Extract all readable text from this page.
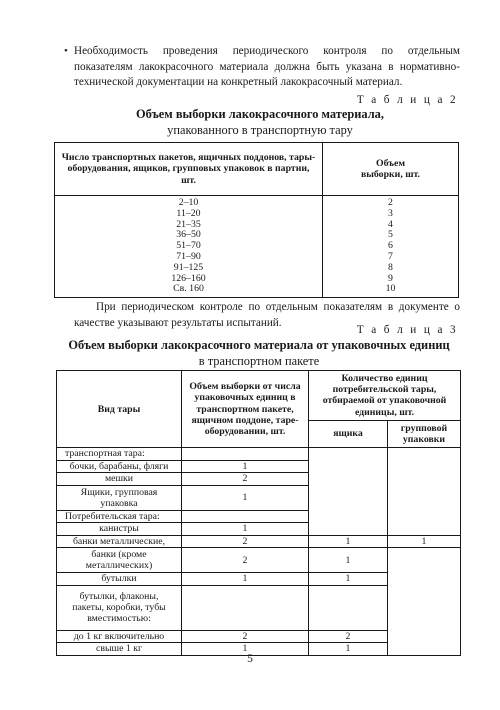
• Необходимость проведения периодического контроля по отдельным показателям лакокрасочного материала должна быть указана в нормативно-технической документации на конкретный лакокрасочный материал.
Т а б л и ц а 2
Объем выборки лакокрасочного материала,
упакованного в транспортную тару
Число транспортных пакетов, ящичных поддонов, тары-оборудования, ящиков, групповых упаковок в партии, шт.	Объем выборки, шт.
2–10	2
11–20	3
21–35	4
36–50	5
51–70	6
71–90	7
91–125	8
126–160	9
Св. 160	10
При периодическом контроле по отдельным показателям в документе о качестве указывают результаты испытаний.
Т а б л и ц а 3
Объем выборки лакокрасочного материала от упаковочных единиц
в транспортном пакете
Вид тары	Объем выборки от числа упаковочных единиц в транспортном пакете, ящичном поддоне, таре-оборудовании, шт.	Количество единиц потребительской тары, отбираемой от упаковочной единицы, шт.	
		ящика	групповой упаковки
транспортная тара:			
бочки, барабаны, фляги	1		
мешки	2		
Ящики, групповая упаковка	1		
Потребительская тара:			
канистры	1		
банки металлические,	2	1	1
банки (кроме металлических)	2	1	
бутылки	1	1	
бутылки, флаконы, пакеты, коробки, тубы вместимостью:			
до 1 кг включительно	2	2	
свыше 1 кг	1	1	
5
